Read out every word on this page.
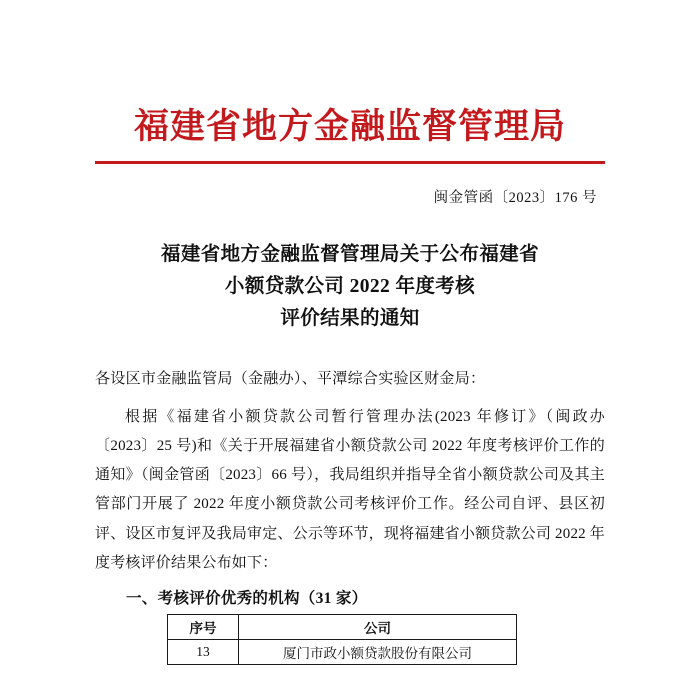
福建省地方金融监督管理局
闽金管函〔2023〕176 号
福建省地方金融监督管理局关于公布福建省
小额贷款公司 2022 年度考核
评价结果的通知
各设区市金融监管局（金融办）、平潭综合实验区财金局：
根据《福建省小额贷款公司暂行管理办法(2023 年修订》（闽政办〔2023〕25 号)和《关于开展福建省小额贷款公司 2022 年度考核评价工作的通知》（闽金管函〔2023〕66 号），我局组织并指导全省小额贷款公司及其主管部门开展了 2022 年度小额贷款公司考核评价工作。经公司自评、县区初评、设区市复评及我局审定、公示等环节，现将福建省小额贷款公司 2022 年度考核评价结果公布如下：
一、考核评价优秀的机构（31 家）
序号	公司
13	厦门市政小额贷款股份有限公司
